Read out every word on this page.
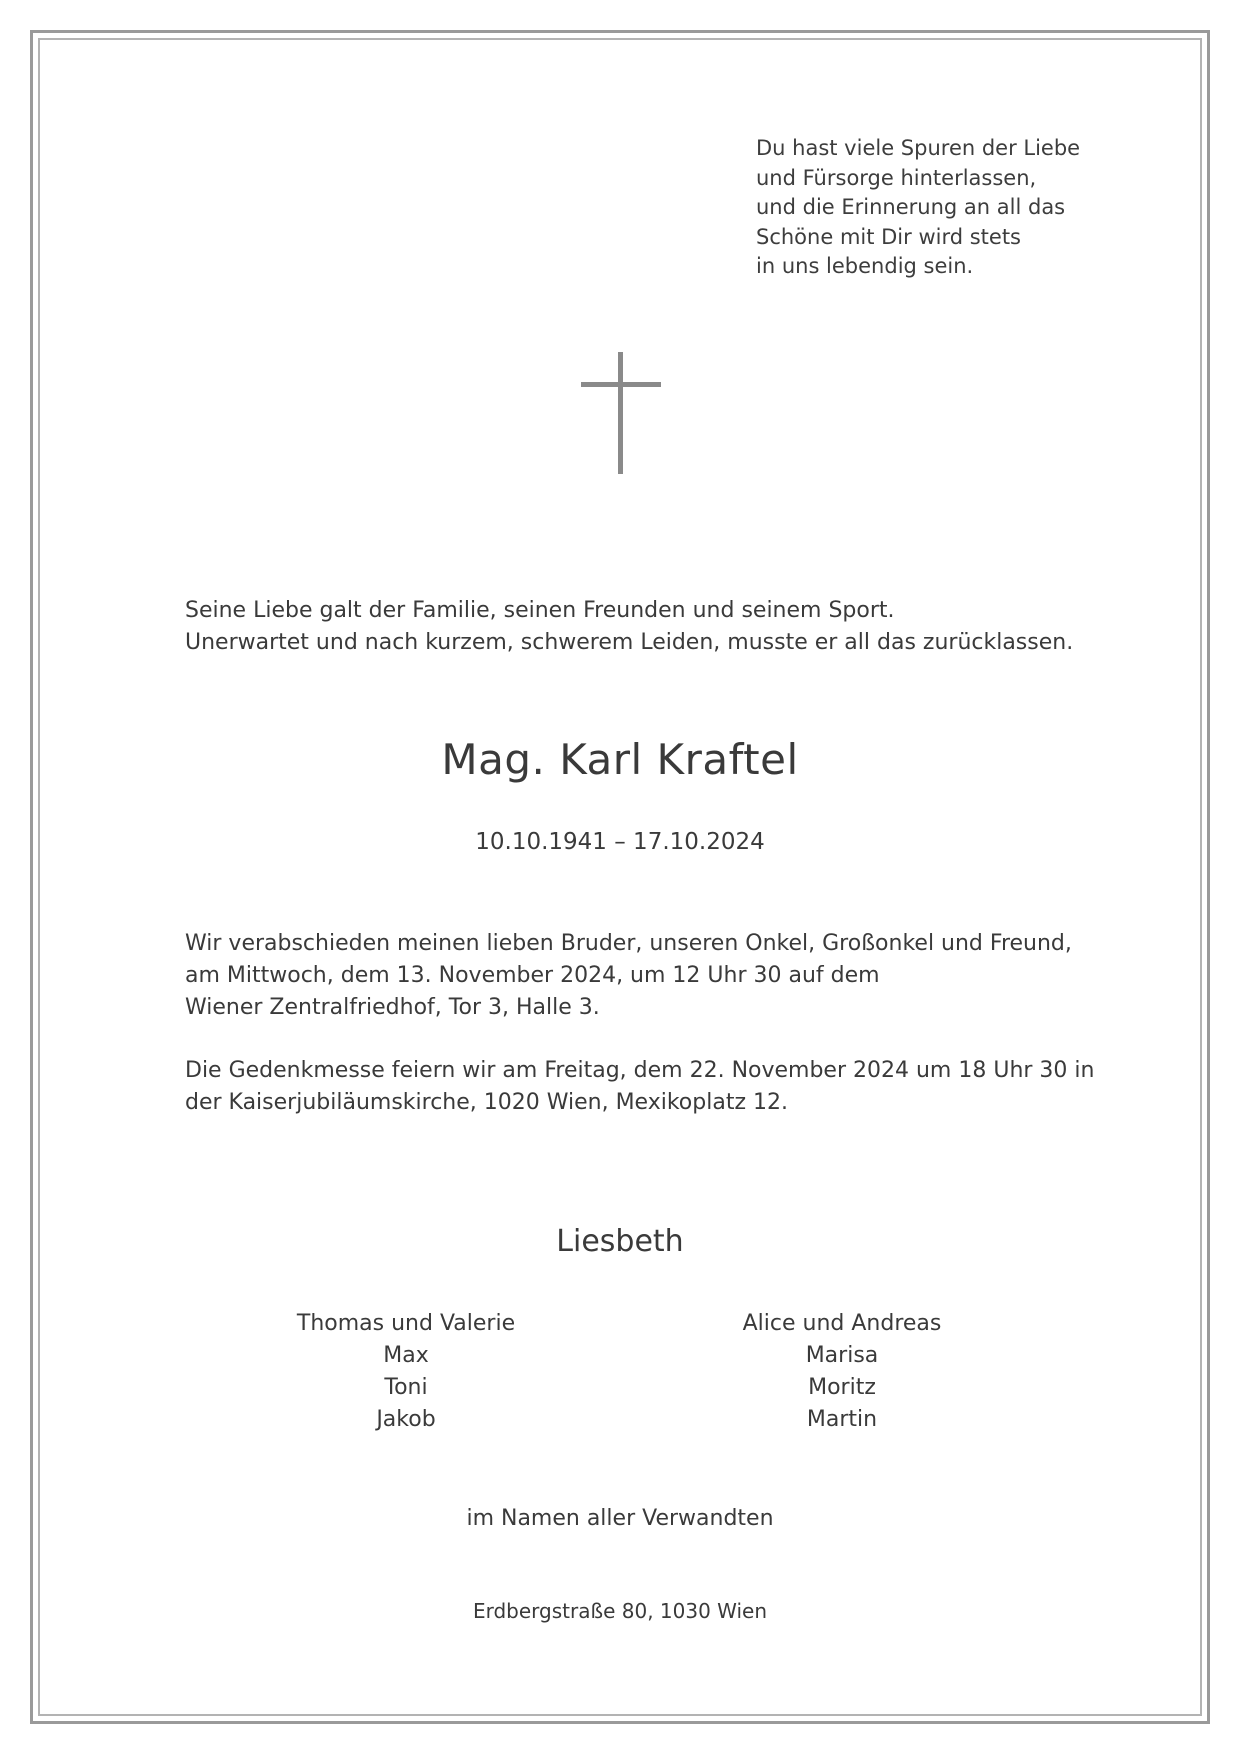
Du hast viele Spuren der Liebe
und Fürsorge hinterlassen,
und die Erinnerung an all das
Schöne mit Dir wird stets
in uns lebendig sein.
Seine Liebe galt der Familie, seinen Freunden und seinem Sport.
Unerwartet und nach kurzem, schwerem Leiden, musste er all das zurücklassen.
Mag. Karl Kraftel
10.10.1941 – 17.10.2024
Wir verabschieden meinen lieben Bruder, unseren Onkel, Großonkel und Freund,
am Mittwoch, dem 13. November 2024, um 12 Uhr 30 auf dem
Wiener Zentralfriedhof, Tor 3, Halle 3.
Die Gedenkmesse feiern wir am Freitag, dem 22. November 2024 um 18 Uhr 30 in
der Kaiserjubiläumskirche, 1020 Wien, Mexikoplatz 12.
Liesbeth
Thomas und Valerie
Max
Toni
Jakob
Alice und Andreas
Marisa
Moritz
Martin
im Namen aller Verwandten
Erdbergstraße 80, 1030 Wien
